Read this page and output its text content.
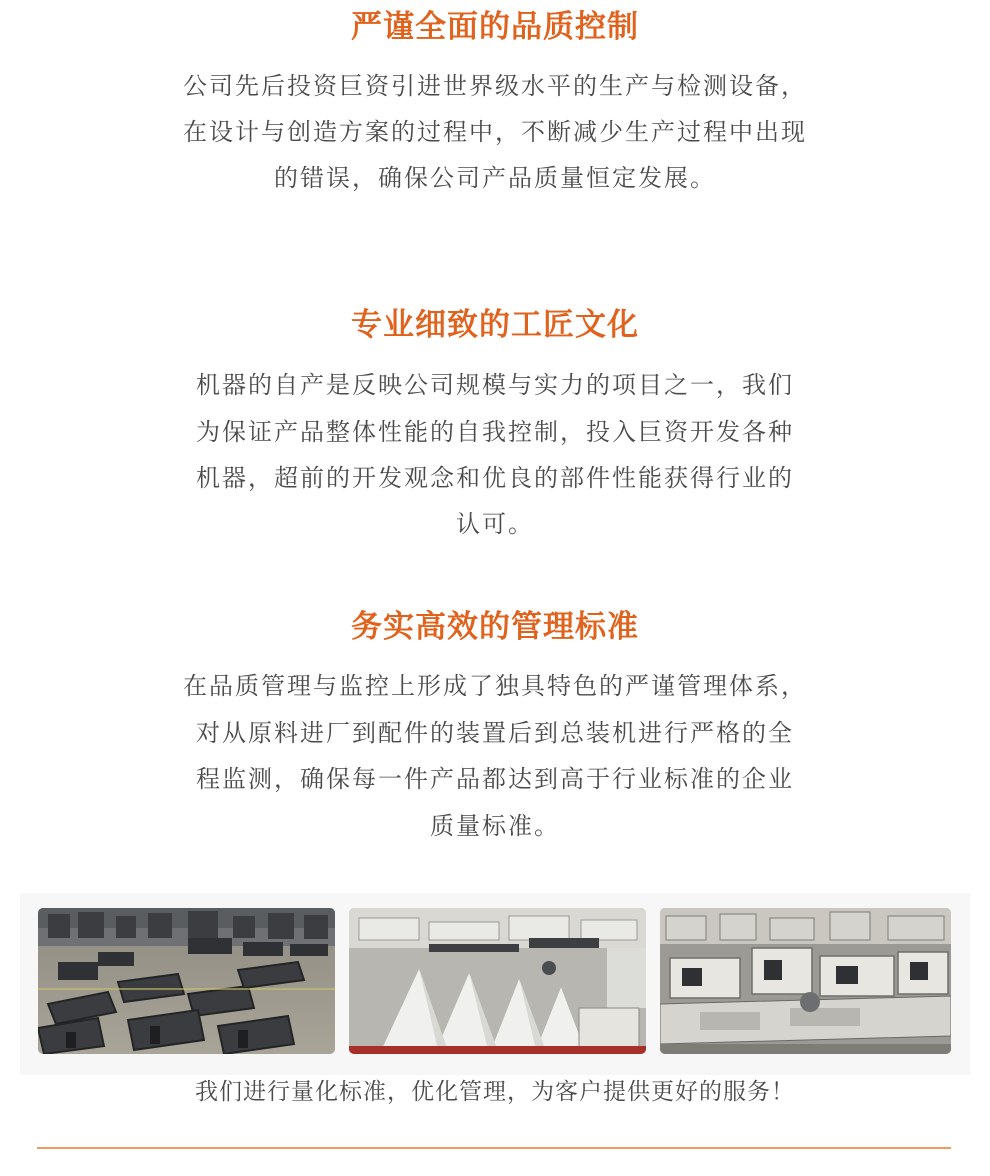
严谨全面的品质控制
公司先后投资巨资引进世界级水平的生产与检测设备，
在设计与创造方案的过程中，不断减少生产过程中出现
的错误，确保公司产品质量恒定发展。
专业细致的工匠文化
机器的自产是反映公司规模与实力的项目之一，我们
为保证产品整体性能的自我控制，投入巨资开发各种
机器，超前的开发观念和优良的部件性能获得行业的
认可。
务实高效的管理标准
在品质管理与监控上形成了独具特色的严谨管理体系，
对从原料进厂到配件的装置后到总装机进行严格的全
程监测，确保每一件产品都达到高于行业标准的企业
质量标准。
我们进行量化标准，优化管理，为客户提供更好的服务！
